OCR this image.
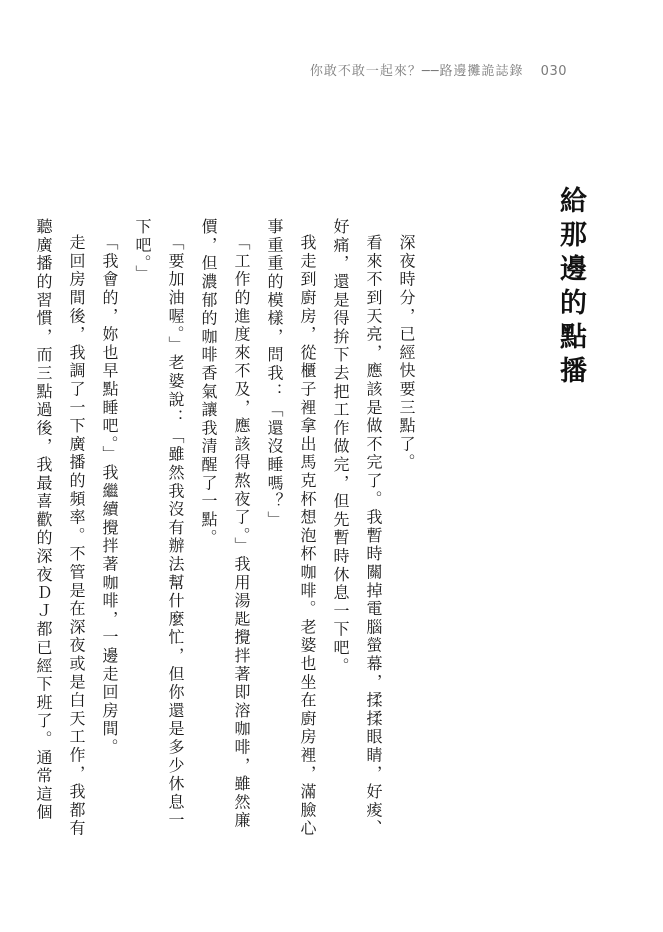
你敢不敢一起來？──路邊攤詭誌錄 030
給那邊的點播

深夜時分，已經快要三點了。

看來不到天亮，應該是做不完了。我暫時關掉電腦螢幕，揉揉眼睛，好痠、好痛，還是得拚下去把工作做完，但先暫時休息一下吧。

我走到廚房，從櫃子裡拿出馬克杯想泡杯咖啡。老婆也坐在廚房裡，滿臉心事重重的模樣，問我：「還沒睡嗎？」

「工作的進度來不及，應該得熬夜了。」我用湯匙攪拌著即溶咖啡，雖然廉價，但濃郁的咖啡香氣讓我清醒了一點。

「要加油喔。」老婆說：「雖然我沒有辦法幫什麼忙，但你還是多少休息一下吧。」

「我會的，妳也早點睡吧。」我繼續攪拌著咖啡，一邊走回房間。

走回房間後，我調了一下廣播的頻率。不管是在深夜或是白天工作，我都有聽廣播的習慣，而三點過後，我最喜歡的深夜ＤＪ都已經下班了。通常這個
